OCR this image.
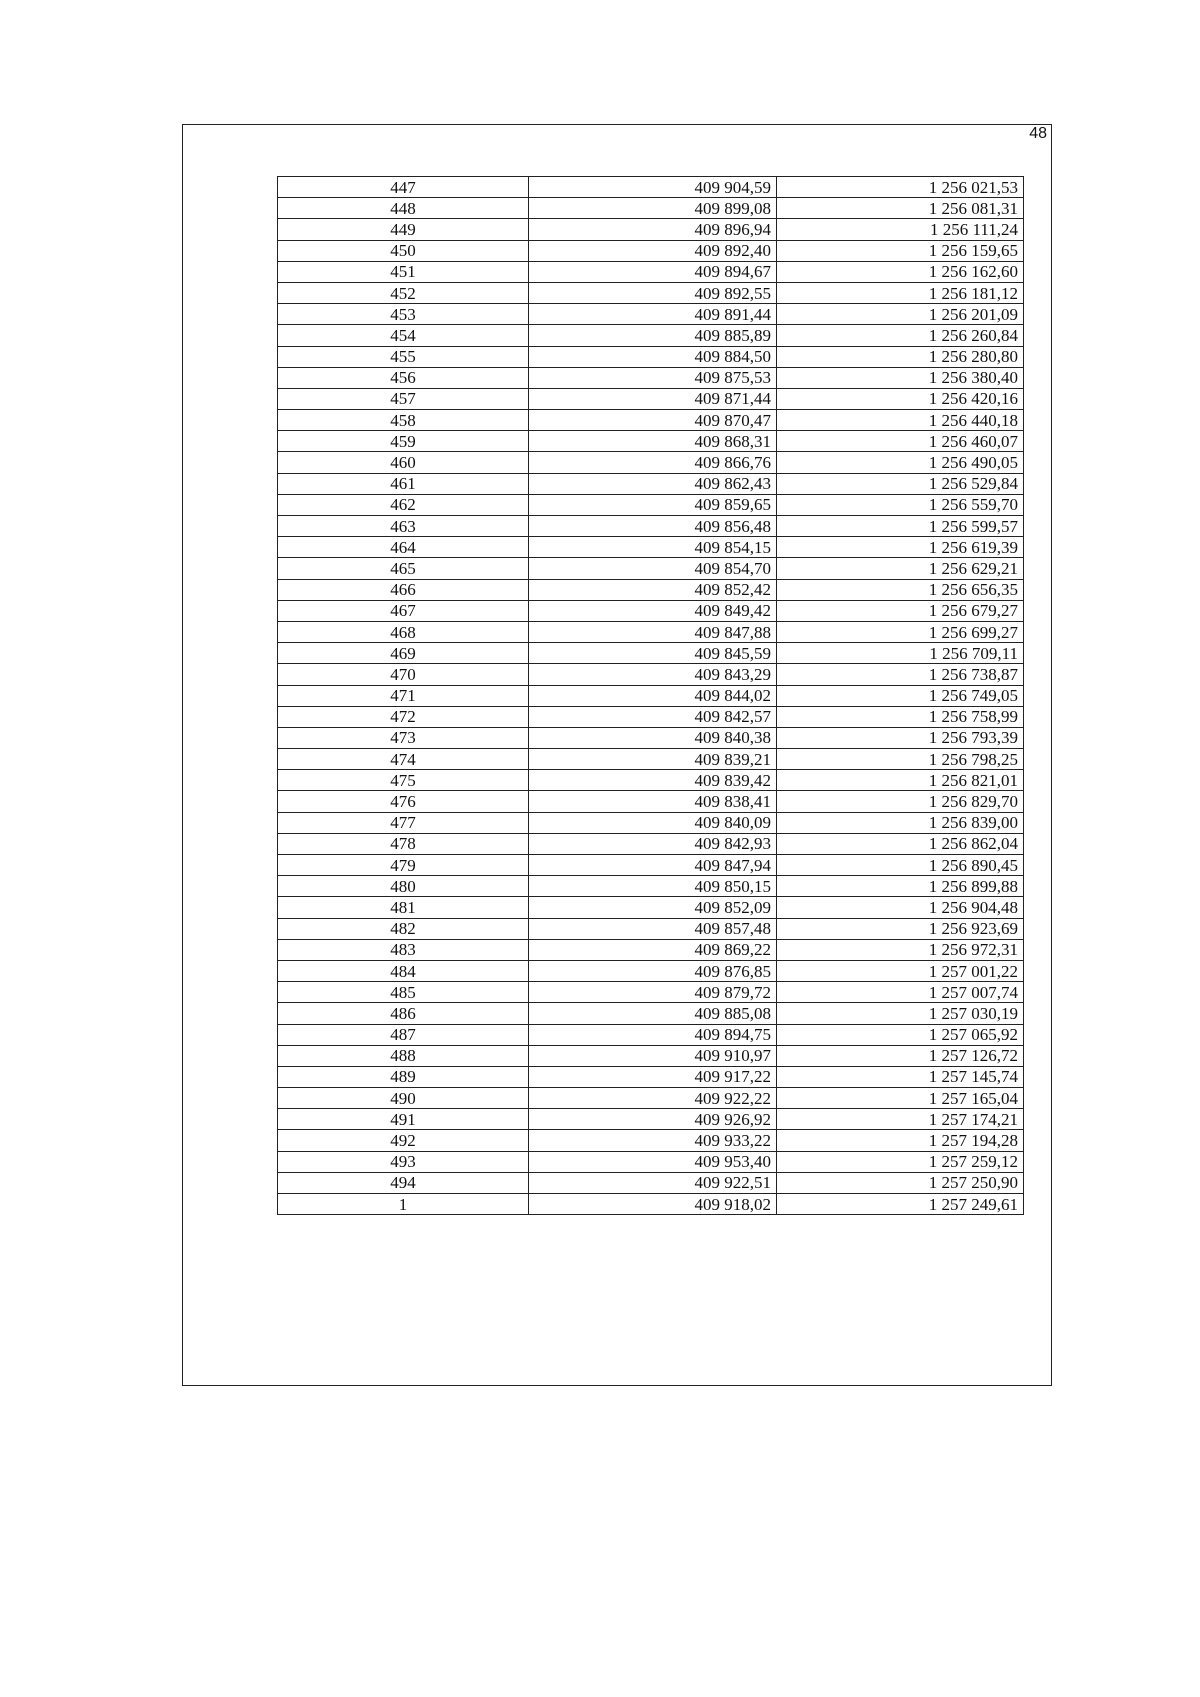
48
447	409 904,59	1 256 021,53
448	409 899,08	1 256 081,31
449	409 896,94	1 256 111,24
450	409 892,40	1 256 159,65
451	409 894,67	1 256 162,60
452	409 892,55	1 256 181,12
453	409 891,44	1 256 201,09
454	409 885,89	1 256 260,84
455	409 884,50	1 256 280,80
456	409 875,53	1 256 380,40
457	409 871,44	1 256 420,16
458	409 870,47	1 256 440,18
459	409 868,31	1 256 460,07
460	409 866,76	1 256 490,05
461	409 862,43	1 256 529,84
462	409 859,65	1 256 559,70
463	409 856,48	1 256 599,57
464	409 854,15	1 256 619,39
465	409 854,70	1 256 629,21
466	409 852,42	1 256 656,35
467	409 849,42	1 256 679,27
468	409 847,88	1 256 699,27
469	409 845,59	1 256 709,11
470	409 843,29	1 256 738,87
471	409 844,02	1 256 749,05
472	409 842,57	1 256 758,99
473	409 840,38	1 256 793,39
474	409 839,21	1 256 798,25
475	409 839,42	1 256 821,01
476	409 838,41	1 256 829,70
477	409 840,09	1 256 839,00
478	409 842,93	1 256 862,04
479	409 847,94	1 256 890,45
480	409 850,15	1 256 899,88
481	409 852,09	1 256 904,48
482	409 857,48	1 256 923,69
483	409 869,22	1 256 972,31
484	409 876,85	1 257 001,22
485	409 879,72	1 257 007,74
486	409 885,08	1 257 030,19
487	409 894,75	1 257 065,92
488	409 910,97	1 257 126,72
489	409 917,22	1 257 145,74
490	409 922,22	1 257 165,04
491	409 926,92	1 257 174,21
492	409 933,22	1 257 194,28
493	409 953,40	1 257 259,12
494	409 922,51	1 257 250,90
1	409 918,02	1 257 249,61
